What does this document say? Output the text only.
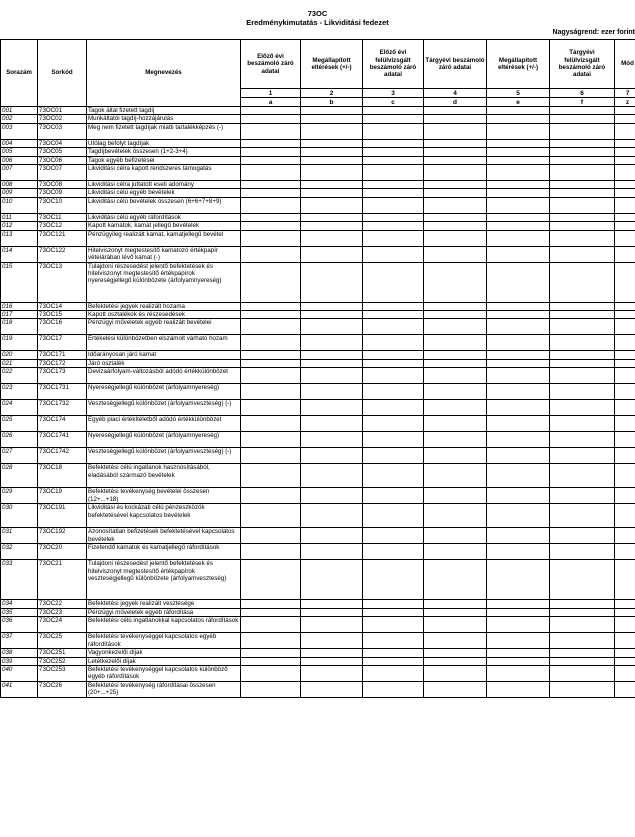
73OC
Eredménykimutatás - Likviditási fedezet
Nagyságrend: ezer forint
Sorazám	Sorkód	Megnevezés	Előző évi beszámoló záró adatai	Megállapított eltérések (+/-)	Előző évi felülvizsgált beszámoló záró adatai	Tárgyévi beszámoló záró adatai	Megállapított eltérések (+/-)	Tárgyévi felülvizsgált beszámoló záró adatai	Mód
			1	2	3	4	5	6	7
			a	b	c	d	e	f	z
001	73OC01	Tagok által fizetett tagdíj							
002	73OC02	Munkáltatói tagdíj-hozzájárulás							
003	73OC03	Meg nem fizetett tagdíjak miatti tartalékképzés (-)							
004	73OC04	Utólag befolyt tagdíjak							
005	73OC05	Tagdíjbevételek összesen (1+2-3+4)							
006	73OC06	Tagok egyéb befizetései							
007	73OC07	Likviditási célra kapott rendszeres támogatás							
008	73OC08	Likviditási célra juttatott eseti adomány							
009	73OC09	Likviditási célú egyéb bevételek							
010	73OC10	Likviditási célú bevételek összesen (6+6+7+8+9)							
011	73OC11	Likviditási célú egyéb ráfordítások							
012	73OC12	Kapott kamatok, kamat jellegű bevételek							
013	73OC121	Pénzügyileg realizált kamat, kamatjellegű bevétel							
014	73OC122	Hitelviszonyt megtestesítő kamatozó értékpapír vételárában lévő kamat (-)							
015	73OC13	Tulajdoni részesedést jelentő befektetések és hitelviszonyt megtestesítő értékpapírok nyereségjellegű különbözete (árfolyamnyereség)							
016	73OC14	Befektetési jegyek realizált hozama							
017	73OC15	Kapott osztalékok és részesedések							
018	73OC16	Pénzügyi műveletek egyéb realizált bevételei							
019	73OC17	Értékelési különbözetben elszámolt várható hozam							
020	73OC171	Időarányosan járó kamat							
021	73OC172	Járó osztalék							
022	73OC173	Devizaárfolyam-változásból adódó értékkülönbözet							
023	73OC1731	Nyereségjellegű különbözet (árfolyamnyereség)							
024	73OC1732	Veszteségjellegű különbözet (árfolyamveszteség) (-)							
025	73OC174	Egyéb piaci értékítéletből adódó értékkülönbözet							
026	73OC1741	Nyereségjellegű különbözet (árfolyamnyereség)							
027	73OC1742	Veszteségjellegű különbözet (árfolyamveszteség) (-)							
028	73OC18	Befektetési célú ingatlanok hasznosításából, eladásából származó bevételek							
029	73OC19	Befektetési tevékenység bevételei összesen (12+...+18)							
030	73OC191	Likviditási és kockázati célú pénzeszközök befektetésével kapcsolatos bevételek							
031	73OC192	Azonosítatlan befizetések befektetésével kapcsolatos bevételek							
032	73OC20	Fizetendő kamatok és kamatjellegű ráfordítások							
033	73OC21	Tulajdoni részesedést jelentő befektetések és hitelviszonyt megtestesítő értékpapírok veszteségjellegű különbözete (árfolyamveszteség)							
034	73OC22	Befektetési jegyek realizált vesztesége							
035	73OC23	Pénzügyi műveletek egyéb ráfordítása							
036	73OC24	Befektetési célú ingatlanokkal kapcsolatos ráfordítások							
037	73OC25	Befektetési tevékenységgel kapcsolatos egyéb ráfordítások							
038	73OC251	Vagyonkezelői díjak							
039	73OC252	Letétkezelői díjak							
040	73OC253	Befektetési tevékenységgel kapcsolatos különböző egyéb ráfordítások							
041	73OC26	Befektetési tevékenység ráfordításai összesen (20+...+25)							
